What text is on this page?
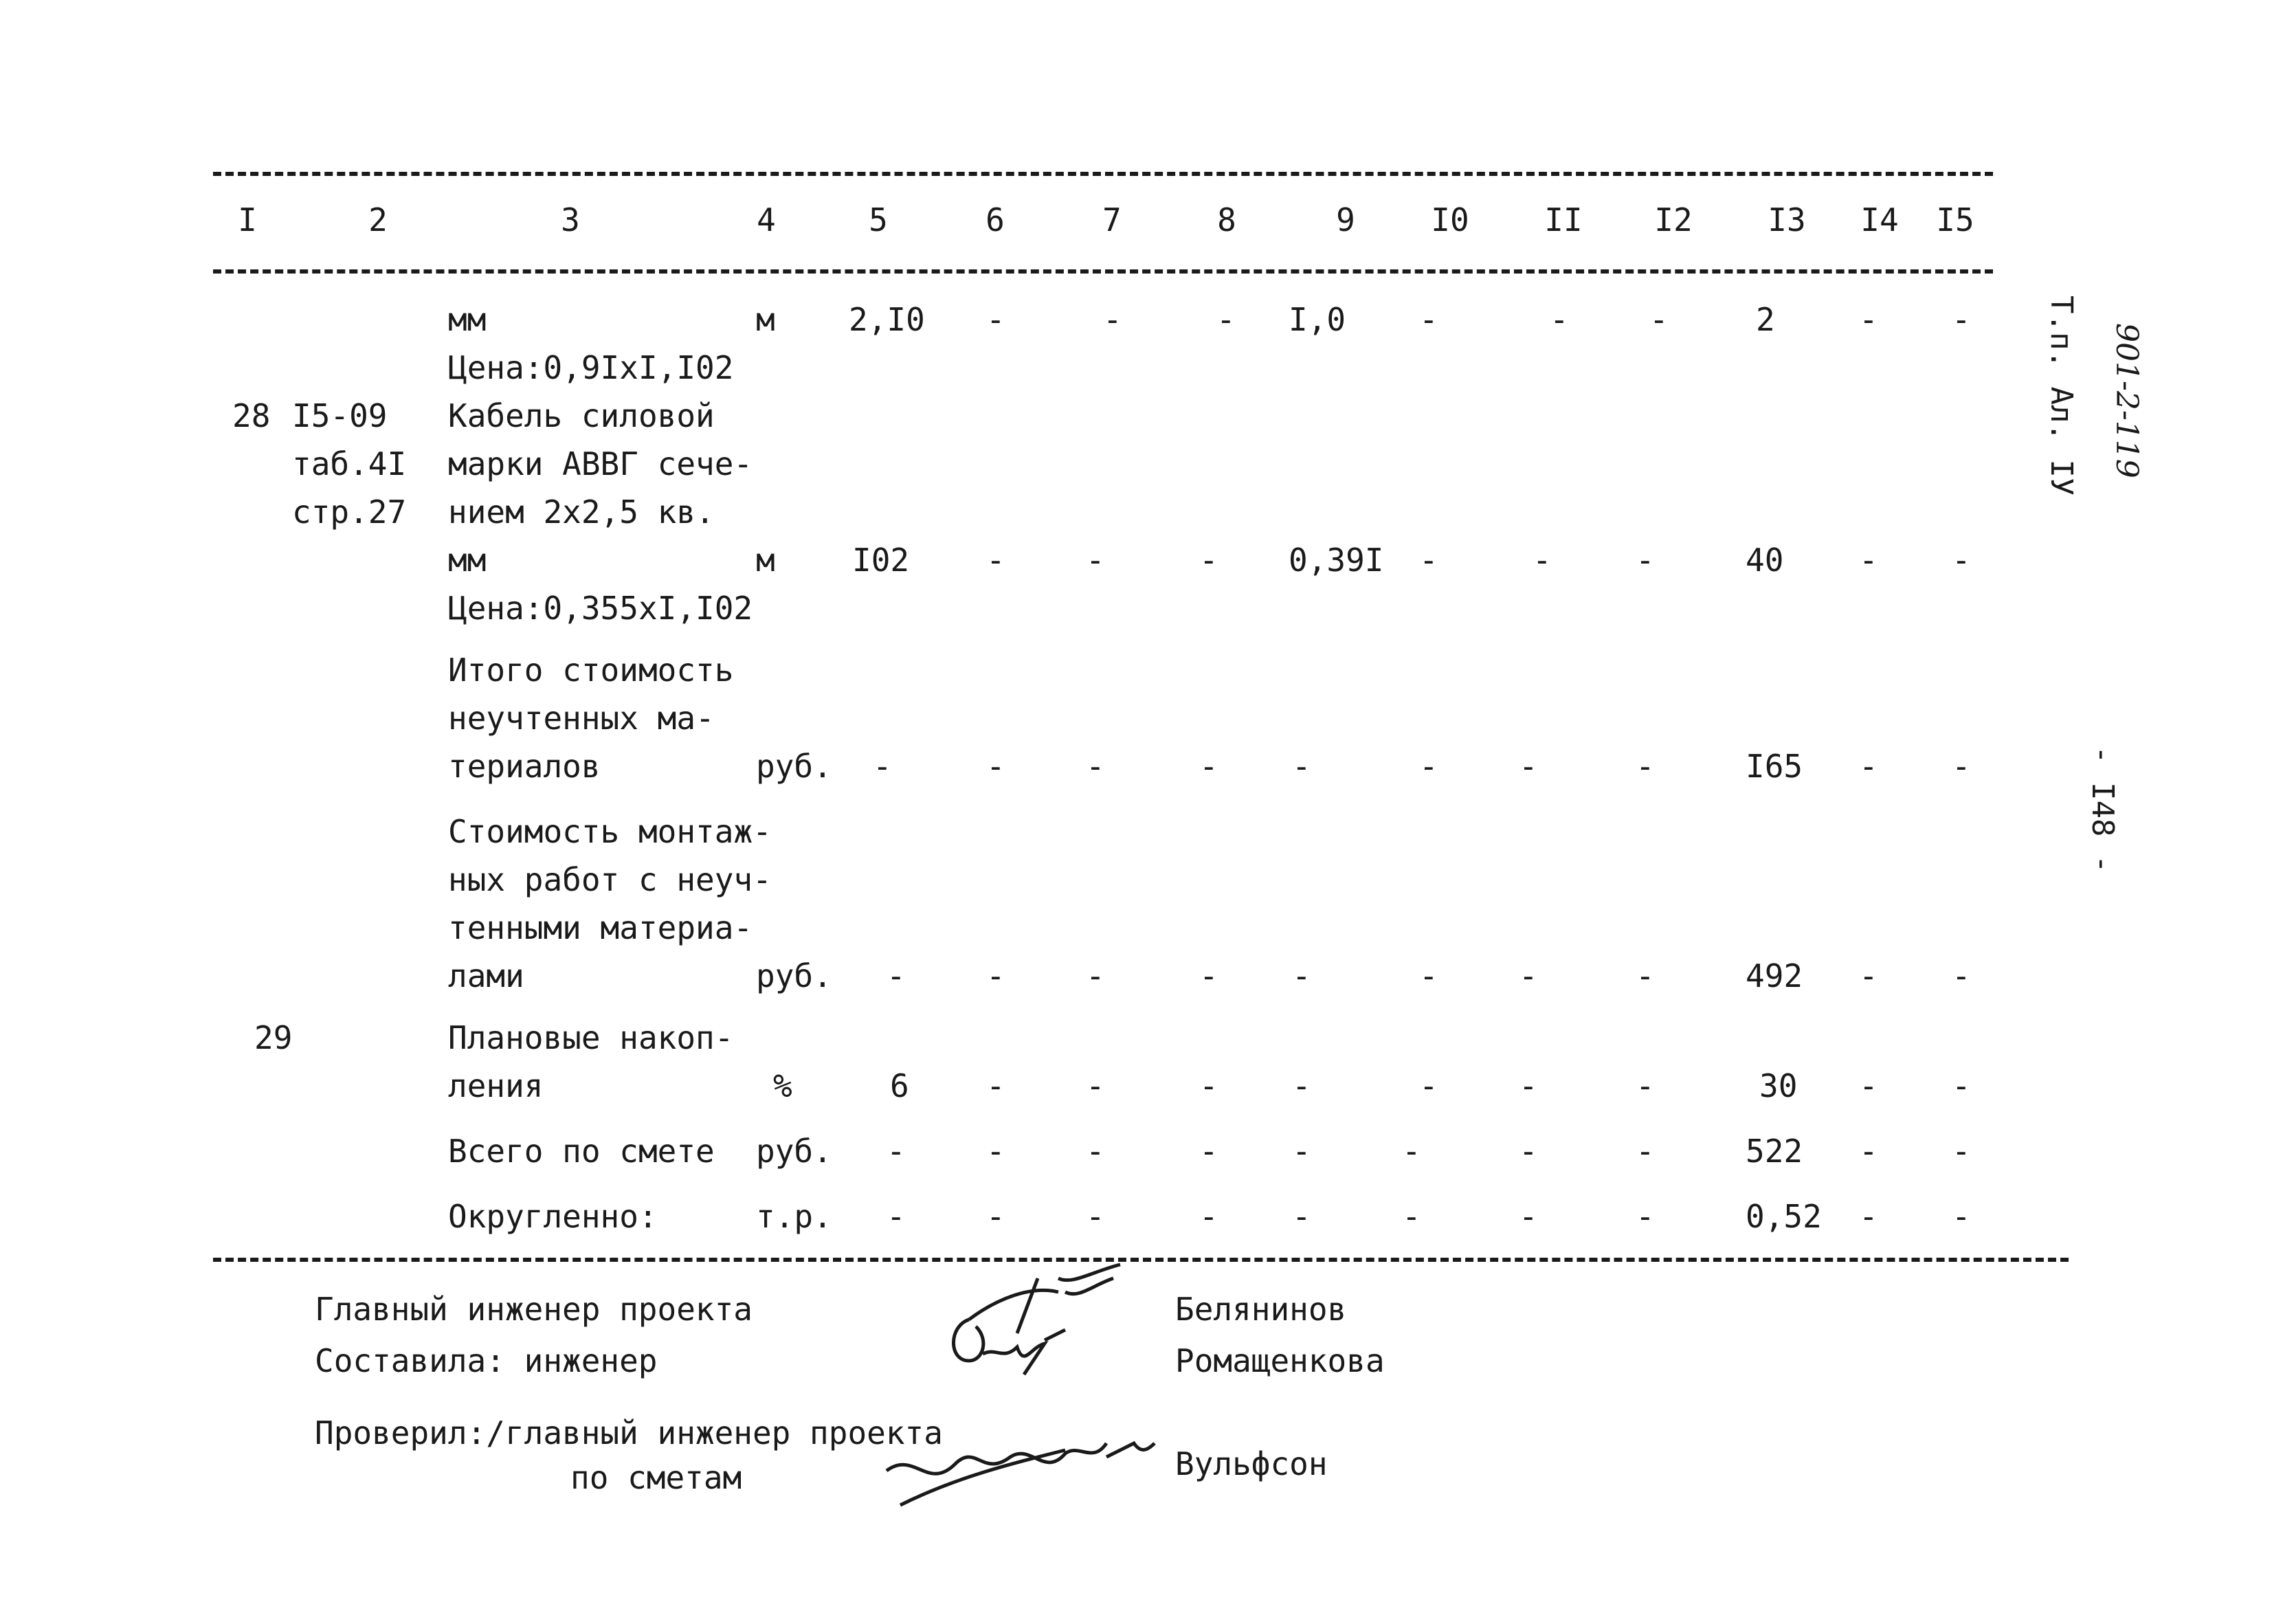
I	2	3	4	5	6	7	8	9	I0 II I2 I3 I4 I5
мм	м 2,I0 -	-	- I,0 -	-	-	2	- -
Цена:0,9IxI,I02
28 I5-09 Кабель силовой
таб.4I марки АВВГ сече-
стр.27 нием 2x2,5 кв.
мм	м I02 -	-	- 0,39I -	-	-	40 - -
Цена:0,355xI,I02
Итого стоимость
неучтенных ма-
териалов	руб. -	-	-	- -	-	-	-	I65 - -
Стоимость монтаж-
ных работ с неуч-
тенными материа-
лами	руб. -	-	-	- -	-	-	-	492 - -
29	Плановые накоп-
ления	%	6 -	-	- -	-	-	-	30 - -
Всего по смете руб. -	-	-	- -	-	-	-	522 - -
Округленно:	т.р. -	-	-	- -	-	-	-	0,52 - -
Главный инженер проекта	Белянинов
Составила: инженер	Ромащенкова
Проверил:/главный инженер проекта
по сметам	Вульфсон
Т.п. Ал. IУ 901-2-119
- I48 -
